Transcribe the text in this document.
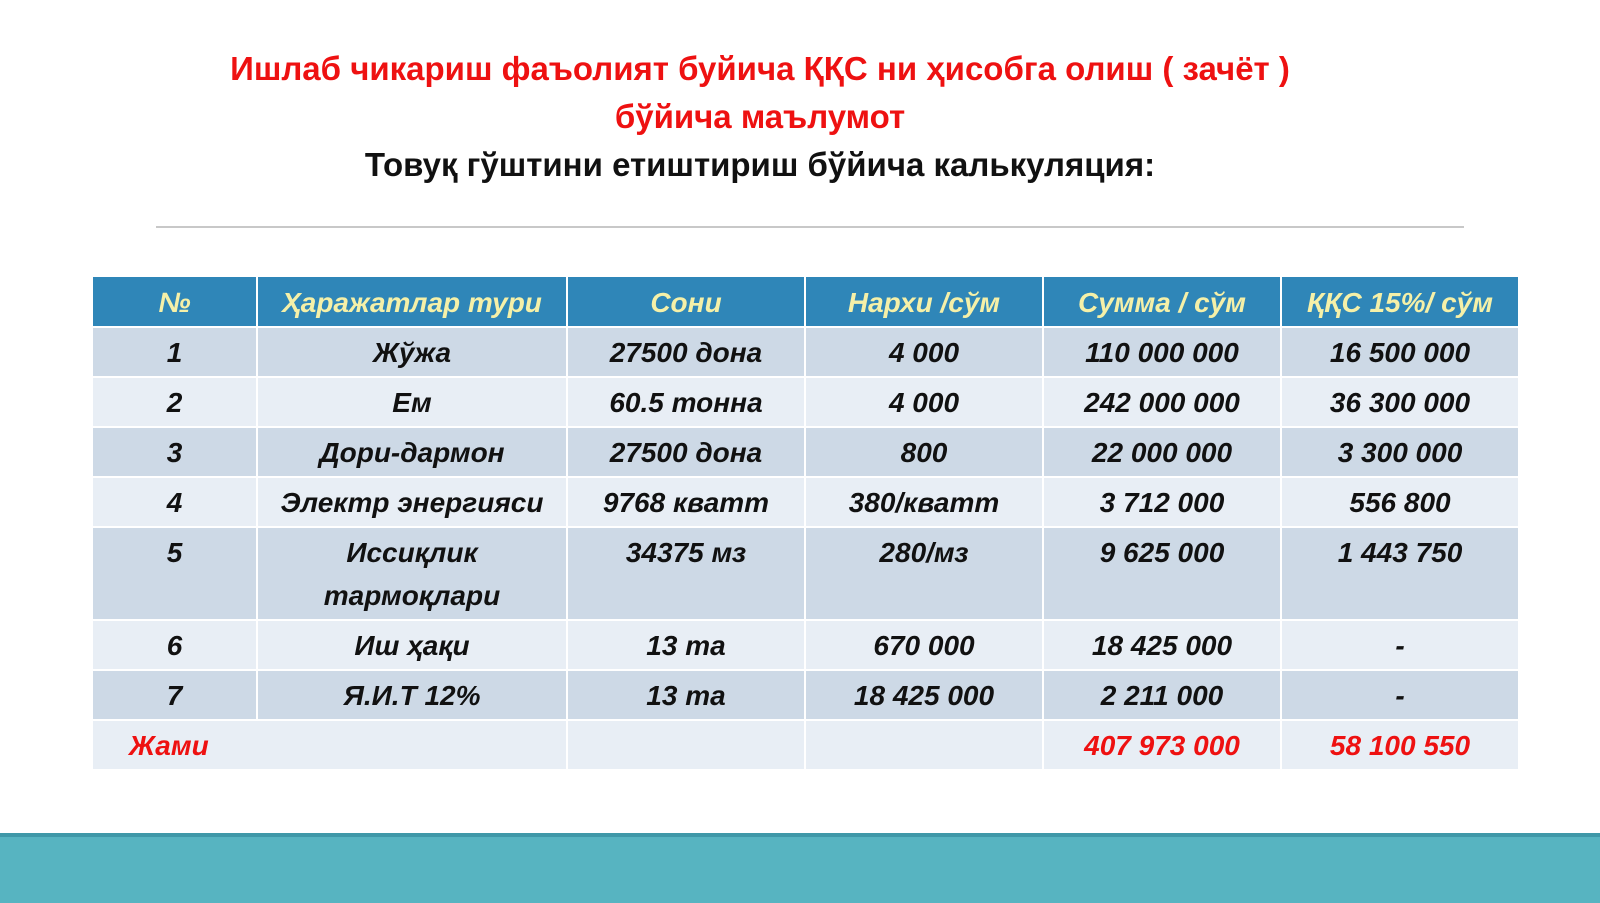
Ишлаб чикариш фаъолият буйича ҚҚС ни ҳисобга олиш ( зачёт )
бўйича маълумот
Товуқ гўштини етиштириш бўйича калькуляция:
№	Ҳаражатлар тури	Сони	Нархи /сўм	Сумма / сўм	ҚҚС 15%/ сўм
1	Жўжа	27500 дона	4 000	110 000 000	16 500 000
2	Ем	60.5 тонна	4 000	242 000 000	36 300 000
3	Дори-дармон	27500 дона	800	22 000 000	3 300 000
4	Электр энергияси	9768 кватт	380/кватт	3 712 000	556 800
5	Иссиқлик тармоқлари	34375 мз	280/мз	9 625 000	1 443 750
6	Иш ҳақи	13 та	670 000	18 425 000	-
7	Я.И.Т 12%	13 та	18 425 000	2 211 000	-
Жами				407 973 000	58 100 550
